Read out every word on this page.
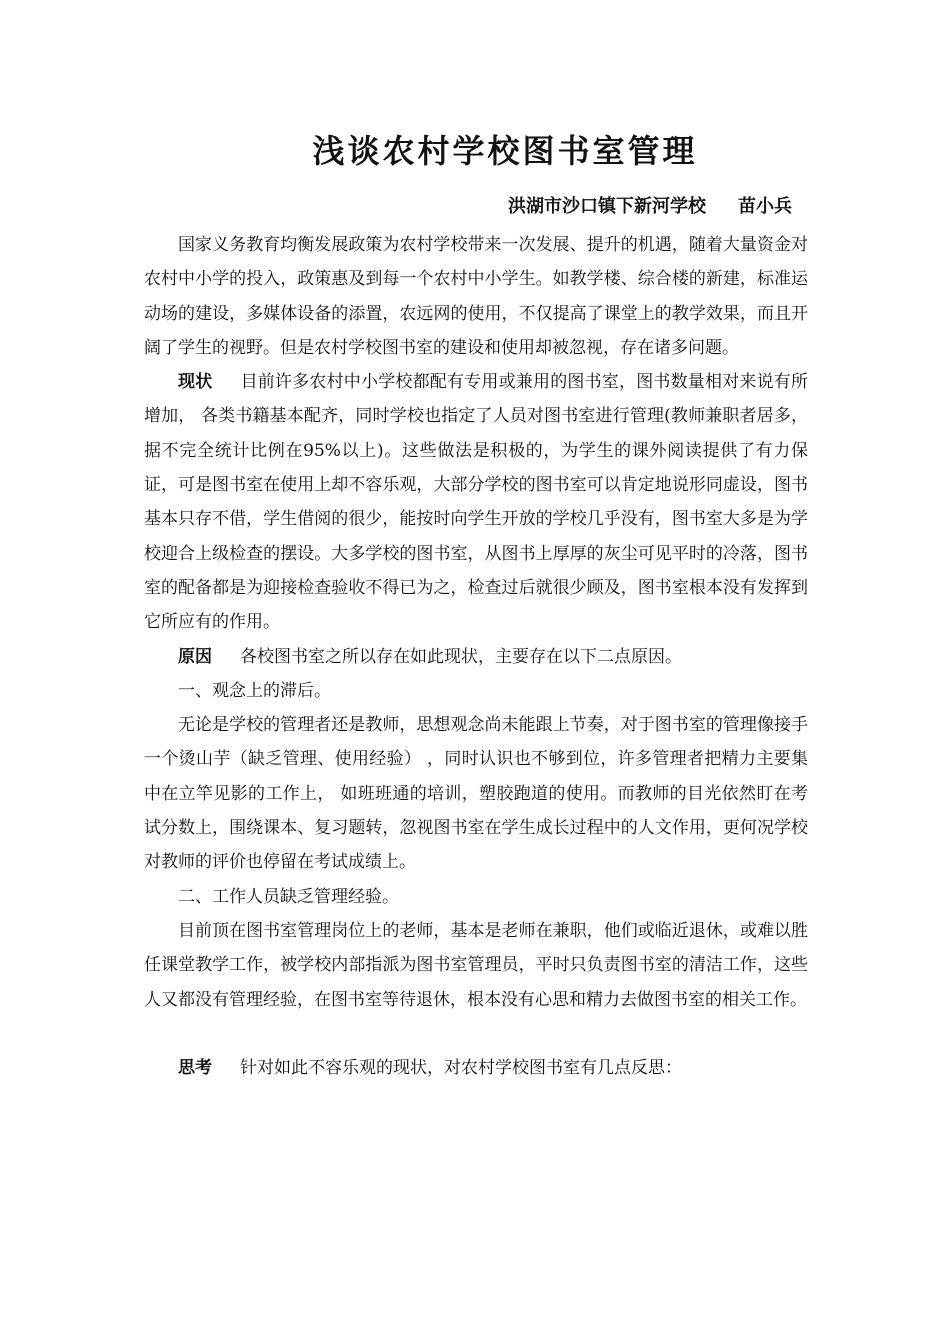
浅谈农村学校图书室管理
洪湖市沙口镇下新河学校 苗小兵

国家义务教育均衡发展政策为农村学校带来一次发展、提升的机遇，随着大量资金对农村中小学的投入，政策惠及到每一个农村中小学生。如教学楼、综合楼的新建，标准运动场的建设，多媒体设备的添置，农远网的使用，不仅提高了课堂上的教学效果，而且开阔了学生的视野。但是农村学校图书室的建设和使用却被忽视，存在诸多问题。

现状 目前许多农村中小学校都配有专用或兼用的图书室，图书数量相对来说有所增加， 各类书籍基本配齐，同时学校也指定了人员对图书室进行管理(教师兼职者居多，据不完全统计比例在95%以上)。这些做法是积极的，为学生的课外阅读提供了有力保证，可是图书室在使用上却不容乐观，大部分学校的图书室可以肯定地说形同虚设，图书基本只存不借，学生借阅的很少，能按时向学生开放的学校几乎没有，图书室大多是为学校迎合上级检查的摆设。大多学校的图书室，从图书上厚厚的灰尘可见平时的冷落，图书室的配备都是为迎接检查验收不得已为之，检查过后就很少顾及，图书室根本没有发挥到它所应有的作用。

原因 各校图书室之所以存在如此现状，主要存在以下二点原因。

一、观念上的滞后。

无论是学校的管理者还是教师，思想观念尚未能跟上节奏，对于图书室的管理像接手一个烫山芋（缺乏管理、使用经验） ，同时认识也不够到位，许多管理者把精力主要集中在立竿见影的工作上， 如班班通的培训，塑胶跑道的使用。而教师的目光依然盯在考试分数上，围绕课本、复习题转，忽视图书室在学生成长过程中的人文作用，更何况学校对教师的评价也停留在考试成绩上。

二、工作人员缺乏管理经验。

目前顶在图书室管理岗位上的老师，基本是老师在兼职，他们或临近退休，或难以胜任课堂教学工作，被学校内部指派为图书室管理员，平时只负责图书室的清洁工作，这些人又都没有管理经验，在图书室等待退休，根本没有心思和精力去做图书室的相关工作。

思考 针对如此不容乐观的现状，对农村学校图书室有几点反思：
